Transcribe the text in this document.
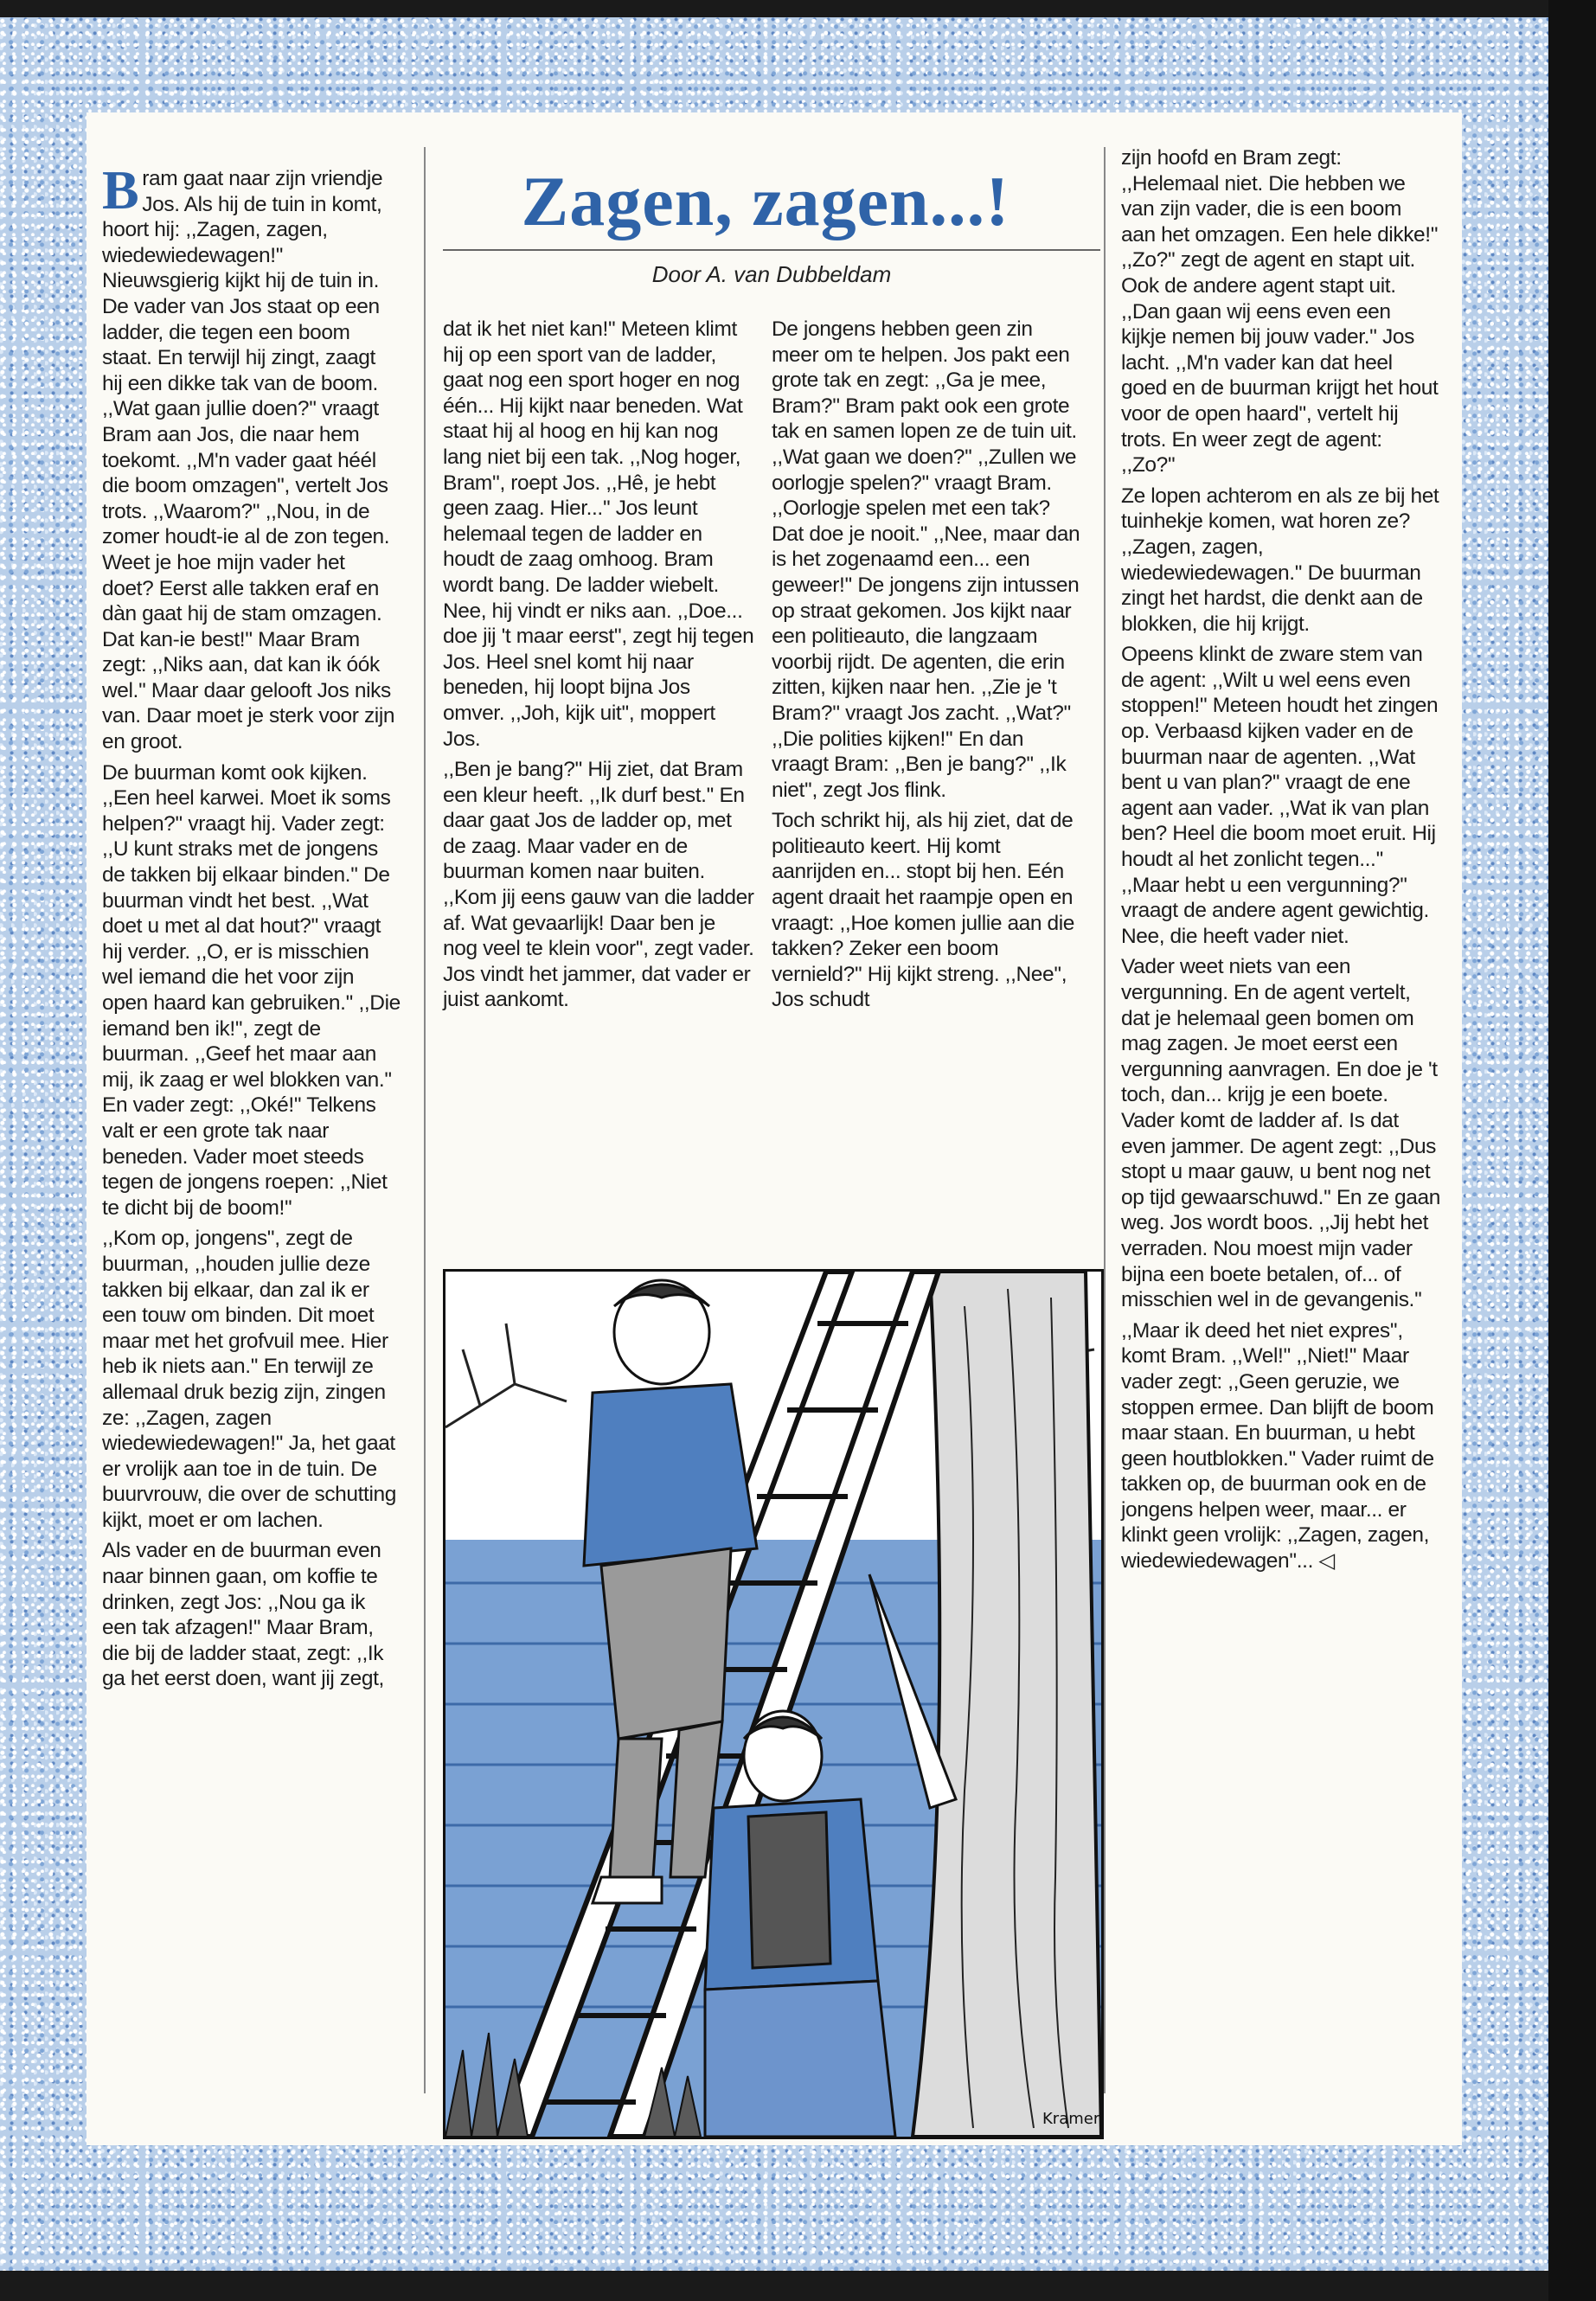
Bram gaat naar zijn vriendje Jos. Als hij de tuin in komt, hoort hij: ,,Zagen, zagen, wiedewiedewagen!'' Nieuwsgierig kijkt hij de tuin in. De vader van Jos staat op een ladder, die tegen een boom staat. En terwijl hij zingt, zaagt hij een dikke tak van de boom. ,,Wat gaan jullie doen?'' vraagt Bram aan Jos, die naar hem toekomt. ,,M'n vader gaat héél die boom omzagen'', vertelt Jos trots. ,,Waarom?'' ,,Nou, in de zomer houdt-ie al de zon tegen. Weet je hoe mijn vader het doet? Eerst alle takken eraf en dàn gaat hij de stam omzagen. Dat kan-ie best!'' Maar Bram zegt: ,,Niks aan, dat kan ik óók wel.'' Maar daar gelooft Jos niks van. Daar moet je sterk voor zijn en groot.

De buurman komt ook kijken. ,,Een heel karwei. Moet ik soms helpen?'' vraagt hij. Vader zegt: ,,U kunt straks met de jongens de takken bij elkaar binden.'' De buurman vindt het best. ,,Wat doet u met al dat hout?'' vraagt hij verder. ,,O, er is misschien wel iemand die het voor zijn open haard kan gebruiken.'' ,,Die iemand ben ik!'', zegt de buurman. ,,Geef het maar aan mij, ik zaag er wel blokken van.'' En vader zegt: ,,Oké!'' Telkens valt er een grote tak naar beneden. Vader moet steeds tegen de jongens roepen: ,,Niet te dicht bij de boom!''

,,Kom op, jongens'', zegt de buurman, ,,houden jullie deze takken bij elkaar, dan zal ik er een touw om binden. Dit moet maar met het grofvuil mee. Hier heb ik niets aan.'' En terwijl ze allemaal druk bezig zijn, zingen ze: ,,Zagen, zagen wiedewiedewagen!'' Ja, het gaat er vrolijk aan toe in de tuin. De buurvrouw, die over de schutting kijkt, moet er om lachen.

Als vader en de buurman even naar binnen gaan, om koffie te drinken, zegt Jos: ,,Nou ga ik een tak afzagen!'' Maar Bram, die bij de ladder staat, zegt: ,,Ik ga het eerst doen, want jij zegt,

Zagen, zagen...!
Door A. van Dubbeldam

dat ik het niet kan!'' Meteen klimt hij op een sport van de ladder, gaat nog een sport hoger en nog één... Hij kijkt naar beneden. Wat staat hij al hoog en hij kan nog lang niet bij een tak. ,,Nog hoger, Bram'', roept Jos. ,,Hê, je hebt geen zaag. Hier...'' Jos leunt helemaal tegen de ladder en houdt de zaag omhoog. Bram wordt bang. De ladder wiebelt. Nee, hij vindt er niks aan. ,,Doe... doe jij 't maar eerst'', zegt hij tegen Jos. Heel snel komt hij naar beneden, hij loopt bijna Jos omver. ,,Joh, kijk uit'', moppert Jos.

,,Ben je bang?'' Hij ziet, dat Bram een kleur heeft. ,,Ik durf best.'' En daar gaat Jos de ladder op, met de zaag. Maar vader en de buurman komen naar buiten. ,,Kom jij eens gauw van die ladder af. Wat gevaarlijk! Daar ben je nog veel te klein voor'', zegt vader. Jos vindt het jammer, dat vader er juist aankomt.

De jongens hebben geen zin meer om te helpen. Jos pakt een grote tak en zegt: ,,Ga je mee, Bram?'' Bram pakt ook een grote tak en samen lopen ze de tuin uit. ,,Wat gaan we doen?'' ,,Zullen we oorlogje spelen?'' vraagt Bram. ,,Oorlogje spelen met een tak? Dat doe je nooit.'' ,,Nee, maar dan is het zogenaamd een... een geweer!'' De jongens zijn intussen op straat gekomen. Jos kijkt naar een politieauto, die langzaam voorbij rijdt. De agenten, die erin zitten, kijken naar hen. ,,Zie je 't Bram?'' vraagt Jos zacht. ,,Wat?'' ,,Die polities kijken!'' En dan vraagt Bram: ,,Ben je bang?'' ,,Ik niet'', zegt Jos flink.

Toch schrikt hij, als hij ziet, dat de politieauto keert. Hij komt aanrijden en... stopt bij hen. Eén agent draait het raampje open en vraagt: ,,Hoe komen jullie aan die takken? Zeker een boom vernield?'' Hij kijkt streng. ,,Nee'', Jos schudt

zijn hoofd en Bram zegt: ,,Helemaal niet. Die hebben we van zijn vader, die is een boom aan het omzagen. Een hele dikke!'' ,,Zo?'' zegt de agent en stapt uit. Ook de andere agent stapt uit. ,,Dan gaan wij eens even een kijkje nemen bij jouw vader.'' Jos lacht. ,,M'n vader kan dat heel goed en de buurman krijgt het hout voor de open haard'', vertelt hij trots. En weer zegt de agent: ,,Zo?''

Ze lopen achterom en als ze bij het tuinhekje komen, wat horen ze? ,,Zagen, zagen, wiedewiedewagen.'' De buurman zingt het hardst, die denkt aan de blokken, die hij krijgt.

Opeens klinkt de zware stem van de agent: ,,Wilt u wel eens even stoppen!'' Meteen houdt het zingen op. Verbaasd kijken vader en de buurman naar de agenten. ,,Wat bent u van plan?'' vraagt de ene agent aan vader. ,,Wat ik van plan ben? Heel die boom moet eruit. Hij houdt al het zonlicht tegen...'' ,,Maar hebt u een vergunning?'' vraagt de andere agent gewichtig. Nee, die heeft vader niet.

Vader weet niets van een vergunning. En de agent vertelt, dat je helemaal geen bomen om mag zagen. Je moet eerst een vergunning aanvragen. En doe je 't toch, dan... krijg je een boete. Vader komt de ladder af. Is dat even jammer. De agent zegt: ,,Dus stopt u maar gauw, u bent nog net op tijd gewaarschuwd.'' En ze gaan weg. Jos wordt boos. ,,Jij hebt het verraden. Nou moest mijn vader bijna een boete betalen, of... of misschien wel in de gevangenis.''

,,Maar ik deed het niet expres'', komt Bram. ,,Wel!'' ,,Niet!'' Maar vader zegt: ,,Geen geruzie, we stoppen ermee. Dan blijft de boom maar staan. En buurman, u hebt geen houtblokken.'' Vader ruimt de takken op, de buurman ook en de jongens helpen weer, maar... er klinkt geen vrolijk: ,,Zagen, zagen, wiedewiedewagen''... ◁

Kramer
